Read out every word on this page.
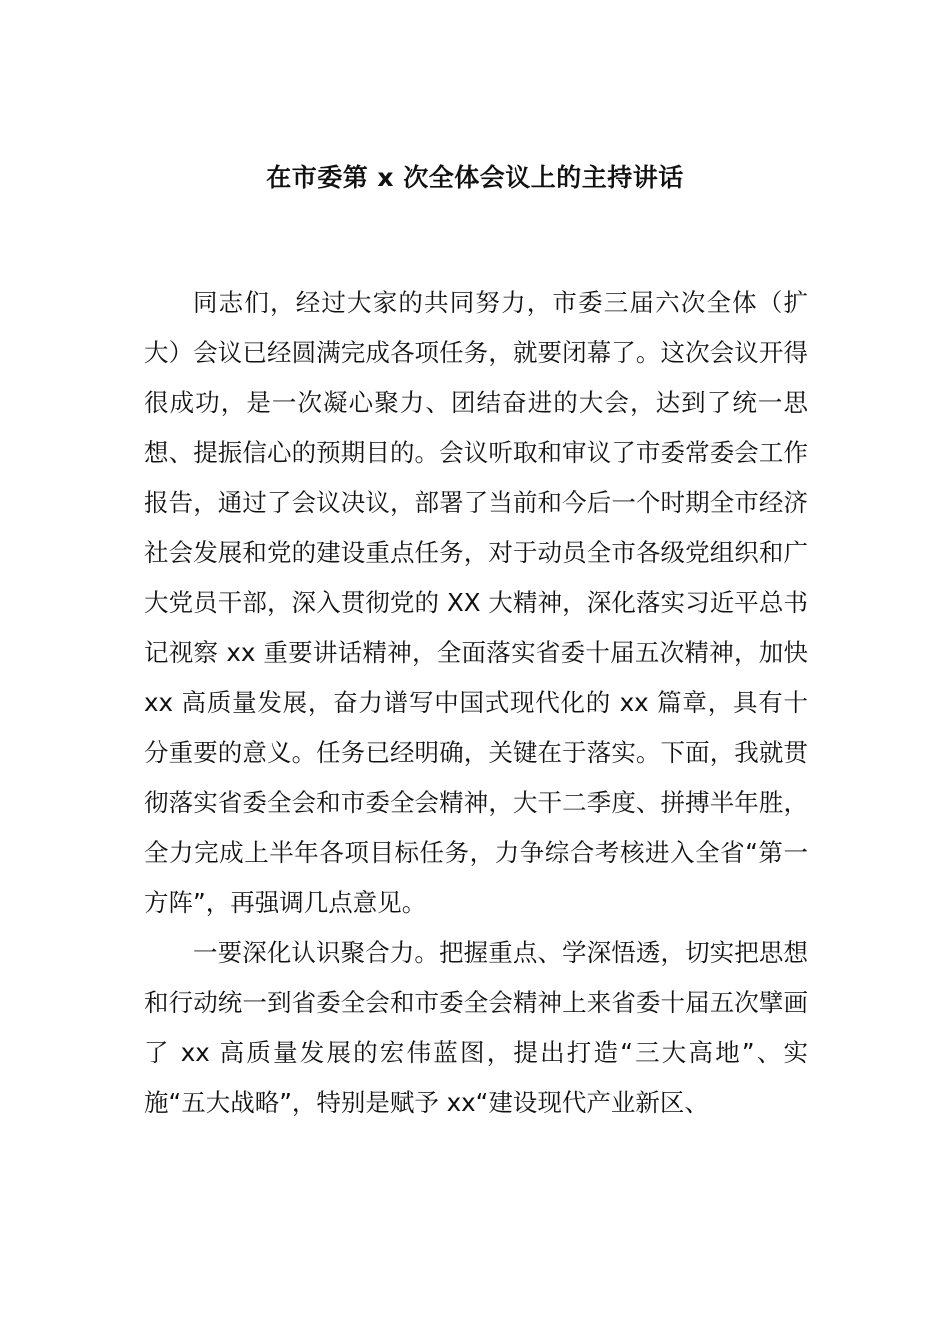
在市委第 x 次全体会议上的主持讲话

同志们，经过大家的共同努力，市委三届六次全体（扩大）会议已经圆满完成各项任务，就要闭幕了。这次会议开得很成功，是一次凝心聚力、团结奋进的大会，达到了统一思想、提振信心的预期目的。会议听取和审议了市委常委会工作报告，通过了会议决议，部署了当前和今后一个时期全市经济社会发展和党的建设重点任务，对于动员全市各级党组织和广大党员干部，深入贯彻党的 XX 大精神，深化落实习近平总书记视察 xx 重要讲话精神，全面落实省委十届五次精神，加快 xx 高质量发展，奋力谱写中国式现代化的 xx 篇章，具有十分重要的意义。任务已经明确，关键在于落实。下面，我就贯彻落实省委全会和市委全会精神，大干二季度、拼搏半年胜，全力完成上半年各项目标任务，力争综合考核进入全省“第一方阵”，再强调几点意见。

一要深化认识聚合力。把握重点、学深悟透，切实把思想和行动统一到省委全会和市委全会精神上来省委十届五次擘画了 xx 高质量发展的宏伟蓝图，提出打造“三大高地”、实施“五大战略”，特别是赋予 xx“建设现代产业新区、
